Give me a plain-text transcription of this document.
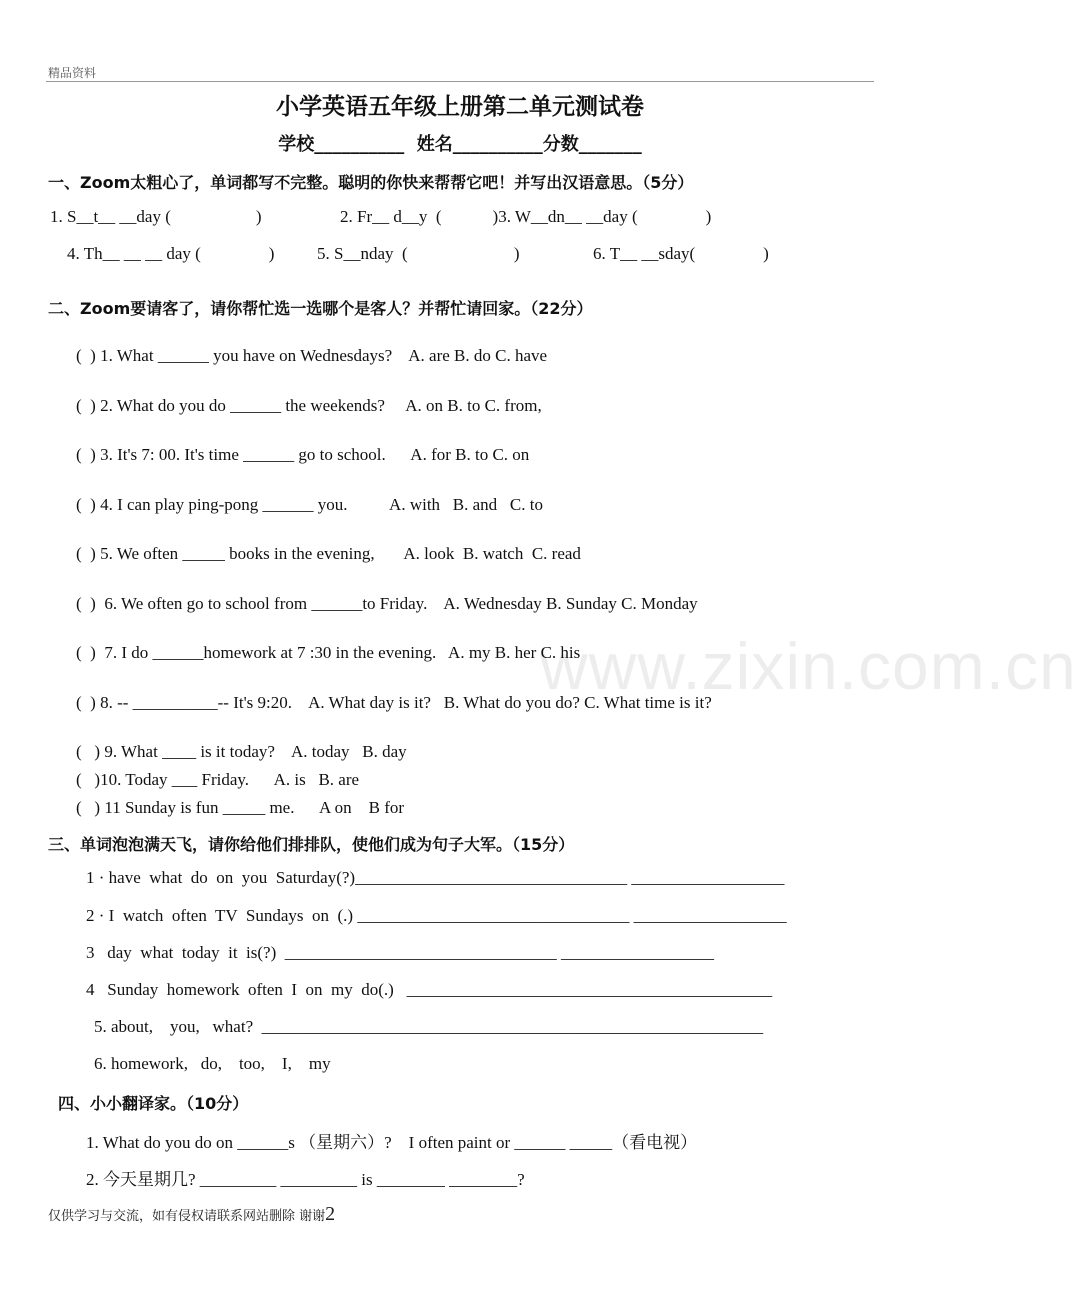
精品资料
小学英语五年级上册第二单元测试卷
学校__________  姓名__________分数_______
www.zixin.com.cn
一、Zoom太粗心了，单词都写不完整。聪明的你快来帮帮它吧！并写出汉语意思。（5分）
1. S__t__ __day (                    )	2. Fr__ d__y  (            )3. W__dn__ __day (                )
4. Th__ __ __ day (                )	5. S__nday  (                         )	6. T__ __sday(                )
二、Zoom要请客了，请你帮忙选一选哪个是客人？并帮忙请回家。（22分）
(  ) 1. What ______ you have on Wednesdays?    A. are B. do C. have
(  ) 2. What do you do ______ the weekends?     A. on B. to C. from,
(  ) 3. It's 7: 00. It's time ______ go to school.      A. for B. to C. on
(  ) 4. I can play ping-pong ______ you.          A. with   B. and   C. to
(  ) 5. We often _____ books in the evening,       A. look  B. watch  C. read
(  )  6. We often go to school from ______to Friday.    A. Wednesday B. Sunday C. Monday
(  )  7. I do ______homework at 7 :30 in the evening.   A. my B. her C. his
(  ) 8. -- __________-- It's 9:20.    A. What day is it?   B. What do you do? C. What time is it?
(   ) 9. What ____ is it today?    A. today   B. day
(   )10. Today ___ Friday.      A. is   B. are
(   ) 11 Sunday is fun _____ me.      A on    B for
三、单词泡泡满天飞，请你给他们排排队，使他们成为句子大军。（15分）
1 · have  what  do  on  you  Saturday(?)________________________________ __________________
2 · I  watch  often  TV  Sundays  on  (.) ________________________________ __________________
3   day  what  today  it  is(?)  ________________________________ __________________
4   Sunday  homework  often  I  on  my  do(.)   ___________________________________________
5. about,    you,   what?  ___________________________________________________________
6. homework,   do,    too,    I,    my
四、小小翻译家。（10分）
1. What do you do on ______s （星期六）?    I often paint or ______ _____（看电视）
2. 今天星期几? _________ _________ is ________ ________?
仅供学习与交流，如有侵权请联系网站删除 谢谢2
